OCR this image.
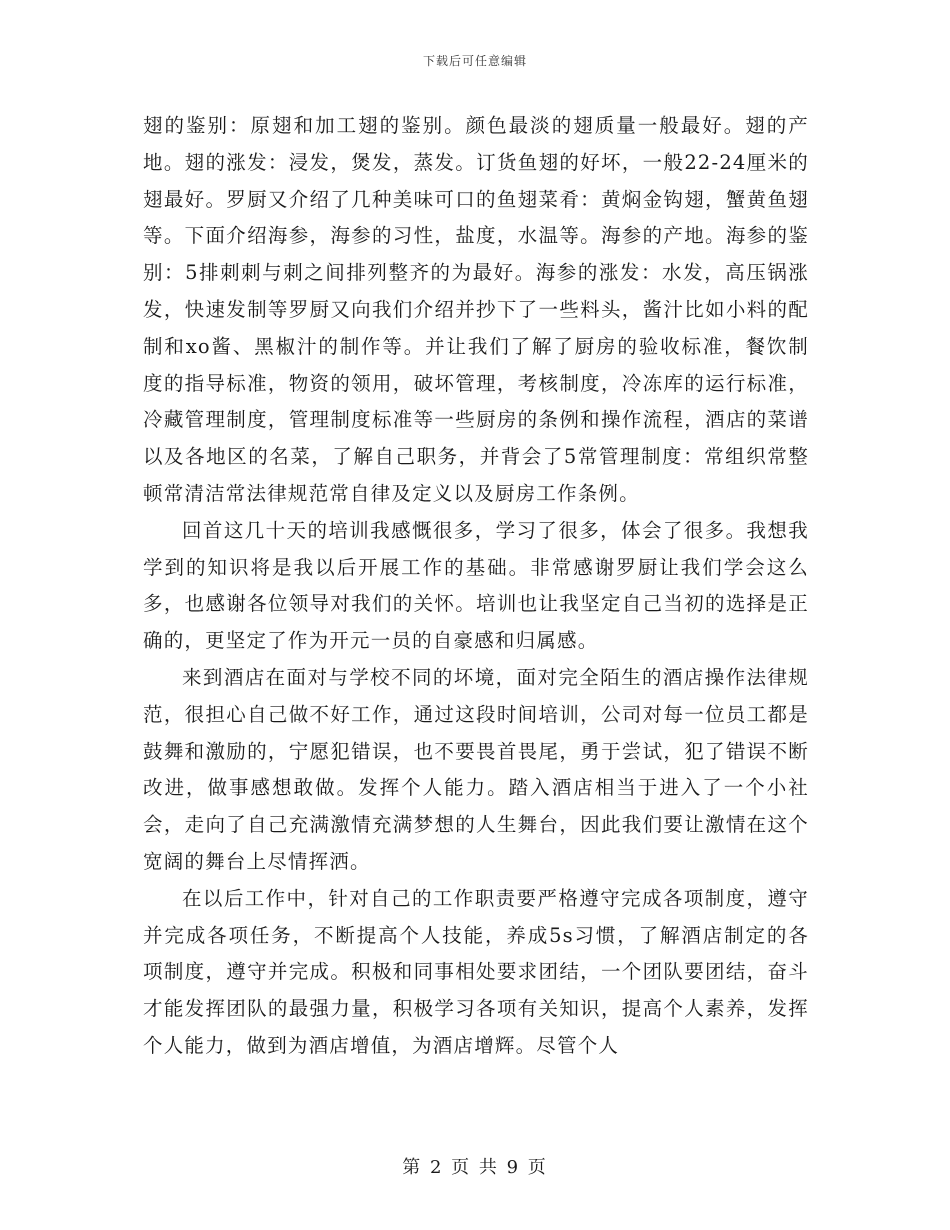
下载后可任意编辑

翅的鉴别：原翅和加工翅的鉴别。颜色最淡的翅质量一般最好。翅的产地。翅的涨发：浸发，煲发，蒸发。订货鱼翅的好坏，一般22-24厘米的翅最好。罗厨又介绍了几种美味可口的鱼翅菜肴：黄焖金钩翅，蟹黄鱼翅等。下面介绍海参，海参的习性，盐度，水温等。海参的产地。海参的鉴别：5排刺刺与刺之间排列整齐的为最好。海参的涨发：水发，高压锅涨发，快速发制等罗厨又向我们介绍并抄下了一些料头，酱汁比如小料的配制和xo酱、黑椒汁的制作等。并让我们了解了厨房的验收标准，餐饮制度的指导标准，物资的领用，破坏管理，考核制度，冷冻库的运行标准，冷藏管理制度，管理制度标准等一些厨房的条例和操作流程，酒店的菜谱以及各地区的名菜，了解自己职务，并背会了5常管理制度：常组织常整顿常清洁常法律规范常自律及定义以及厨房工作条例。

回首这几十天的培训我感慨很多，学习了很多，体会了很多。我想我学到的知识将是我以后开展工作的基础。非常感谢罗厨让我们学会这么多，也感谢各位领导对我们的关怀。培训也让我坚定自己当初的选择是正确的，更坚定了作为开元一员的自豪感和归属感。

来到酒店在面对与学校不同的坏境，面对完全陌生的酒店操作法律规范，很担心自己做不好工作，通过这段时间培训，公司对每一位员工都是鼓舞和激励的，宁愿犯错误，也不要畏首畏尾，勇于尝试，犯了错误不断改进，做事感想敢做。发挥个人能力。踏入酒店相当于进入了一个小社会，走向了自己充满激情充满梦想的人生舞台，因此我们要让激情在这个宽阔的舞台上尽情挥洒。

在以后工作中，针对自己的工作职责要严格遵守完成各项制度，遵守并完成各项任务，不断提高个人技能，养成5s习惯，了解酒店制定的各项制度，遵守并完成。积极和同事相处要求团结，一个团队要团结，奋斗才能发挥团队的最强力量，积极学习各项有关知识，提高个人素养，发挥个人能力，做到为酒店增值，为酒店增辉。尽管个人

第 2 页 共 9 页
